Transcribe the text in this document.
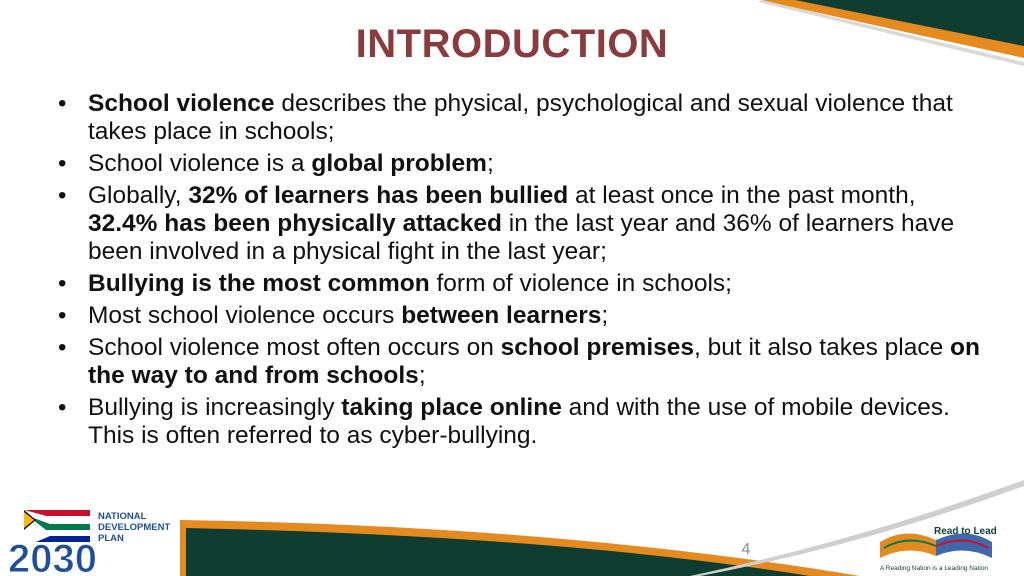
INTRODUCTION
• School violence describes the physical, psychological and sexual violence that takes place in schools;
• School violence is a global problem;
• Globally, 32% of learners has been bullied at least once in the past month, 32.4% has been physically attacked in the last year and 36% of learners have been involved in a physical fight in the last year;
• Bullying is the most common form of violence in schools;
• Most school violence occurs between learners;
• School violence most often occurs on school premises, but it also takes place on the way to and from schools;
• Bullying is increasingly taking place online and with the use of mobile devices. This is often referred to as cyber-bullying.
4
NATIONAL
DEVELOPMENT
PLAN
2030
Read to Lead
A Reading Nation is a Leading Nation
